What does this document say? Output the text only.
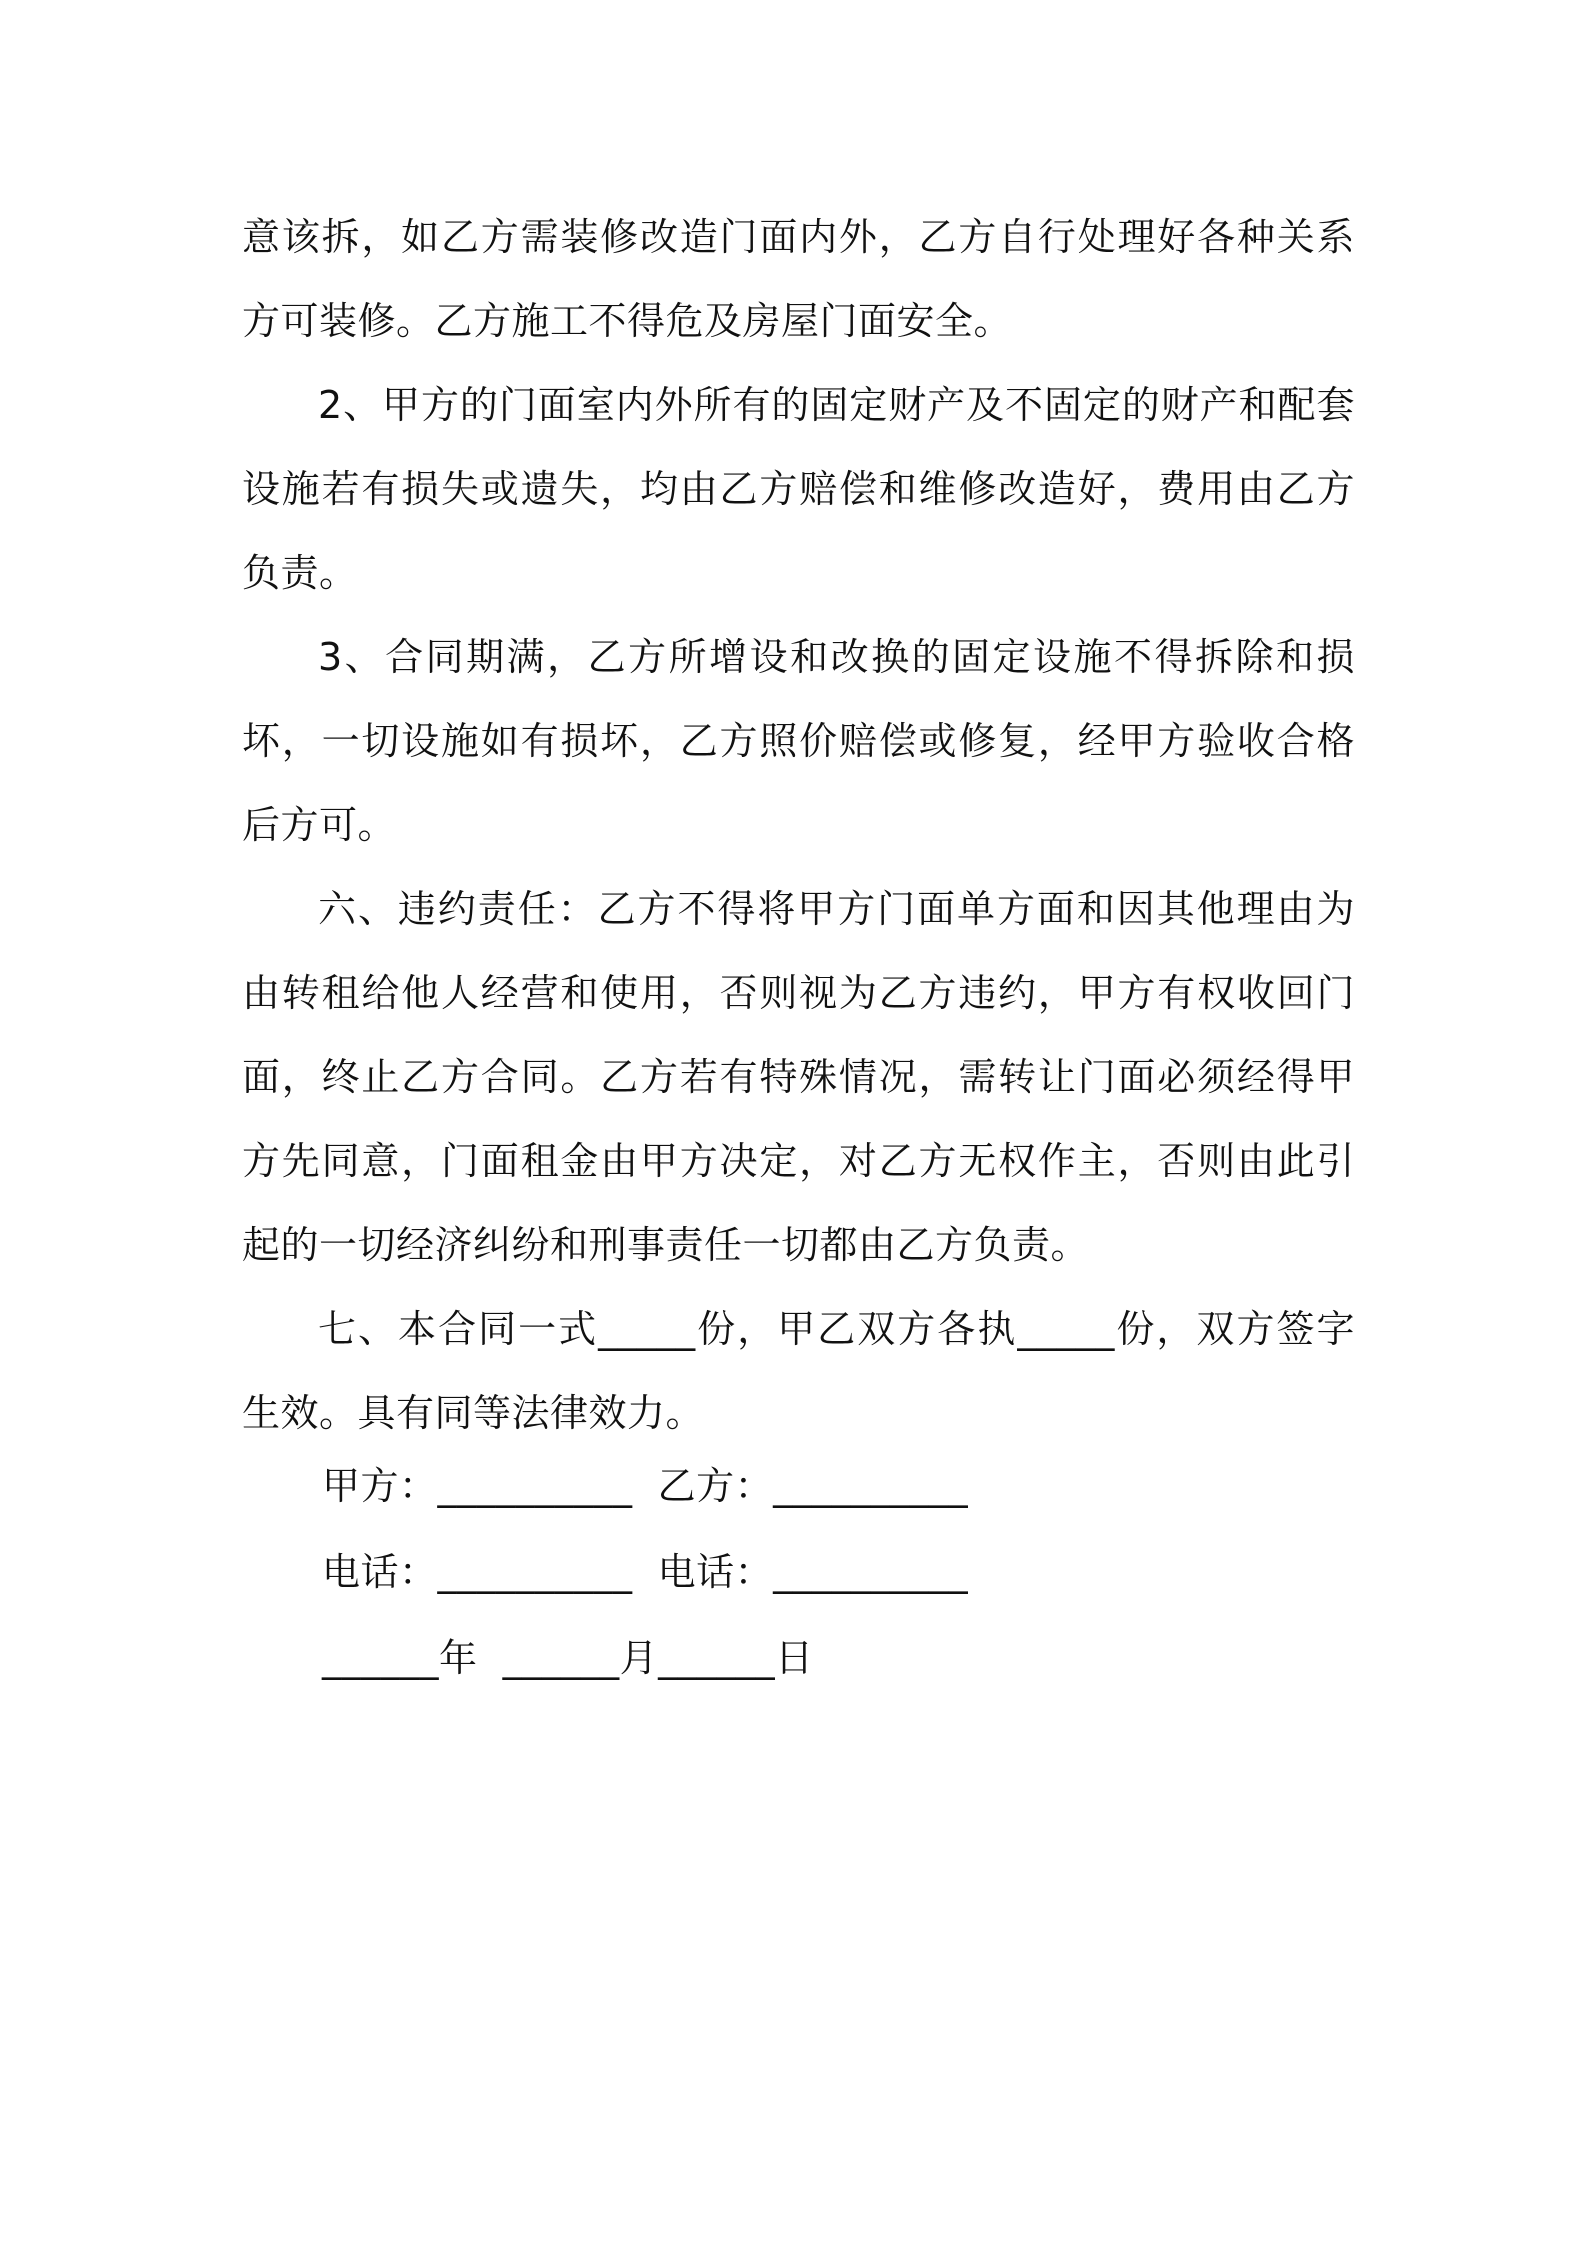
意该拆，如乙方需装修改造门面内外，乙方自行处理好各种关系方可装修。乙方施工不得危及房屋门面安全。

2、甲方的门面室内外所有的固定财产及不固定的财产和配套设施若有损失或遗失，均由乙方赔偿和维修改造好，费用由乙方负责。

3、合同期满，乙方所增设和改换的固定设施不得拆除和损坏，一切设施如有损坏，乙方照价赔偿或修复，经甲方验收合格后方可。

六、违约责任：乙方不得将甲方门面单方面和因其他理由为由转租给他人经营和使用，否则视为乙方违约，甲方有权收回门面，终止乙方合同。乙方若有特殊情况，需转让门面必须经得甲方先同意，门面租金由甲方决定，对乙方无权作主，否则由此引起的一切经济纠纷和刑事责任一切都由乙方负责。

七、本合同一式_____份，甲乙双方各执_____份，双方签字生效。具有同等法律效力。

甲方：__________  乙方：__________
电话：__________  电话：__________
______年  ______月______日
